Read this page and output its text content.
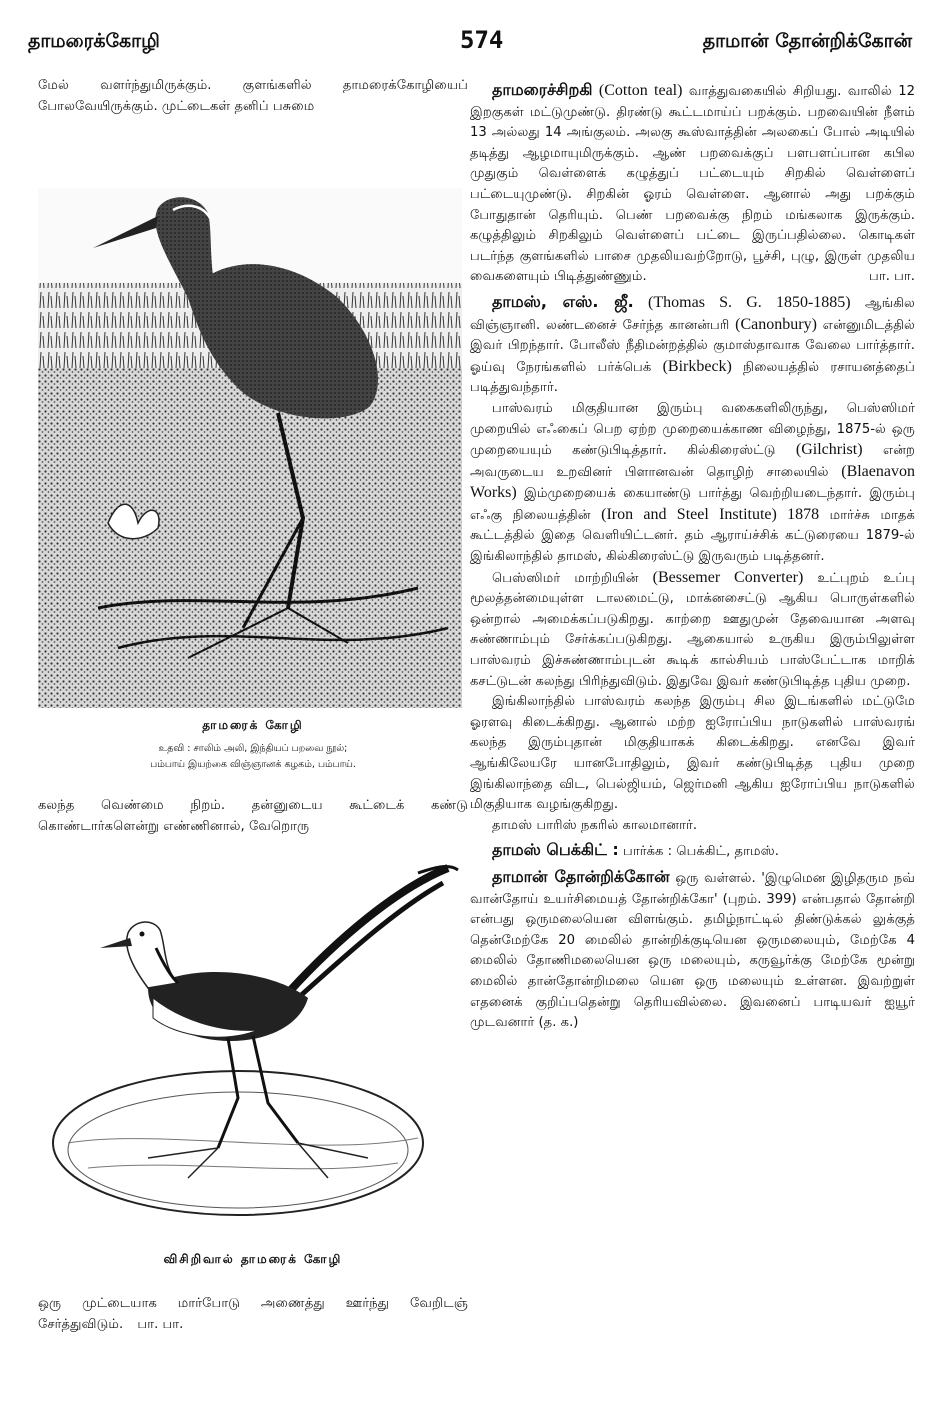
தாமரைக்கோழி	574	தாமான் தோன்றிக்கோன்

மேல் வளர்ந்துமிருக்கும். குளங்களில் தாமரைக்கோழியைப் போலவேயிருக்கும். முட்டைகள் தனிப் பசுமை

தாமரைக் கோழி
உதவி : சாலிம் அலி, இந்தியப் பறவை நூல்;
பம்பாய் இயற்கை விஞ்ஞானக் கழகம், பம்பாய்.

கலந்த வெண்மை நிறம். தன்னுடைய கூட்டைக் கண்டு கொண்டார்களென்று எண்ணினால், வேறொரு

விசிறிவால் தாமரைக் கோழி

ஒரு முட்டையாக மார்போடு அணைத்து ஊர்ந்து வேறிடஞ் சேர்த்துவிடும். பா. பா.

தாமரைச்சிறகி (Cotton teal) வாத்துவகையில் சிறியது. வாலில் 12 இறகுகள் மட்டுமுண்டு. திரண்டு கூட்டமாய்ப் பறக்கும். பறவையின் நீளம் 13 அல்லது 14 அங்குலம். அலகு கூஸ்வாத்தின் அலகைப் போல் அடியில் தடித்து ஆழமாயுமிருக்கும். ஆண் பறவைக்குப் பளபளப்பான கபில முதுகும் வெள்ளைக் கழுத்துப் பட்டையும் சிறகில் வெள்ளைப் பட்டையுமுண்டு. சிறகின் ஓரம் வெள்ளை. ஆனால் அது பறக்கும் போதுதான் தெரியும். பெண் பறவைக்கு நிறம் மங்கலாக இருக்கும். கழுத்திலும் சிறகிலும் வெள்ளைப் பட்டை இருப்பதில்லை. கொடிகள் படர்ந்த குளங்களில் பாசை முதலியவற்றோடு, பூச்சி, புழு, இருள் முதலிய வைகளையும் பிடித்துண்ணும்.	பா. பா.

தாமஸ், எஸ். ஜீ. (Thomas S. G. 1850-1885) ஆங்கில விஞ்ஞானி. லண்டனைச் சேர்ந்த கானன்பரி (Canonbury) என்னுமிடத்தில் இவர் பிறந்தார். போலீஸ் நீதிமன்றத்தில் குமாஸ்தாவாக வேலை பார்த்தார். ஓய்வு நேரங்களில் பர்க்பெக் (Birkbeck) நிலையத்தில் ரசாயனத்தைப் படித்துவந்தார்.

பாஸ்வரம் மிகுதியான இரும்பு வகைகளிலிருந்து, பெஸ்ஸிமர் முறையில் எஃகைப் பெற ஏற்ற முறையைக்காண விழைந்து, 1875-ல் ஒரு முறையையும் கண்டுபிடித்தார். கில்கிரைஸ்ட்டு (Gilchrist) என்ற அவருடைய உறவினர் பிளானவன் தொழிற் சாலையில் (Blaenavon Works) இம்முறையைக் கையாண்டு பார்த்து வெற்றியடைந்தார். இரும்பு எஃகு நிலையத்தின் (Iron and Steel Institute) 1878 மார்ச்சு மாதக் கூட்டத்தில் இதை வெளியிட்டனர். தம் ஆராய்ச்சிக் கட்டுரையை 1879-ல் இங்கிலாந்தில் தாமஸ், கில்கிரைஸ்ட்டு இருவரும் படித்தனர்.

பெஸ்ஸிமர் மாற்றியின் (Bessemer Converter) உட்புறம் உப்பு மூலத்தன்மையுள்ள டாலமைட்டு, மாக்னசைட்டு ஆகிய பொருள்களில் ஒன்றால் அமைக்கப்படுகிறது. காற்றை ஊதுமுன் தேவையான அளவு சுண்ணாம்பும் சேர்க்கப்படுகிறது. ஆகையால் உருகிய இரும்பிலுள்ள பாஸ்வரம் இச்சுண்ணாம்புடன் கூடிக் கால்சியம் பாஸ்பேட்டாக மாறிக் கசட்டுடன் கலந்து பிரிந்துவிடும். இதுவே இவர் கண்டுபிடித்த புதிய முறை.

இங்கிலாந்தில் பாஸ்வரம் கலந்த இரும்பு சில இடங்களில் மட்டுமே ஓரளவு கிடைக்கிறது. ஆனால் மற்ற ஐரோப்பிய நாடுகளில் பாஸ்வரங் கலந்த இரும்புதான் மிகுதியாகக் கிடைக்கிறது. எனவே இவர் ஆங்கிலேயரே யானபோதிலும், இவர் கண்டுபிடித்த புதிய முறை இங்கிலாந்தை விட, பெல்ஜியம், ஜெர்மனி ஆகிய ஐரோப்பிய நாடுகளில் மிகுதியாக வழங்குகிறது.

தாமஸ் பாரிஸ் நகரில் காலமானார்.

தாமஸ் பெக்கிட் : பார்க்க : பெக்கிட், தாமஸ்.

தாமான் தோன்றிக்கோன் ஒரு வள்ளல். 'இழுமென இழிதரும நவ் வான்தோய் உயர்சிமையத் தோன்றிக்கோ' (புறம். 399) என்பதால் தோன்றி என்பது ஒருமலையென விளங்கும். தமிழ்நாட்டில் திண்டுக்கல் லுக்குத் தென்மேற்கே 20 மைலில் தான்றிக்குடியென ஒருமலையும், மேற்கே 4 மைலில் தோணிமலையென ஒரு மலையும், கருவூர்க்கு மேற்கே மூன்று மைலில் தான்தோன்றிமலை யென ஒரு மலையும் உள்ளன. இவற்றுள் எதனைக் குறிப்பதென்று தெரியவில்லை. இவனைப் பாடியவர் ஐயூர் முடவனார் (த. க.)
